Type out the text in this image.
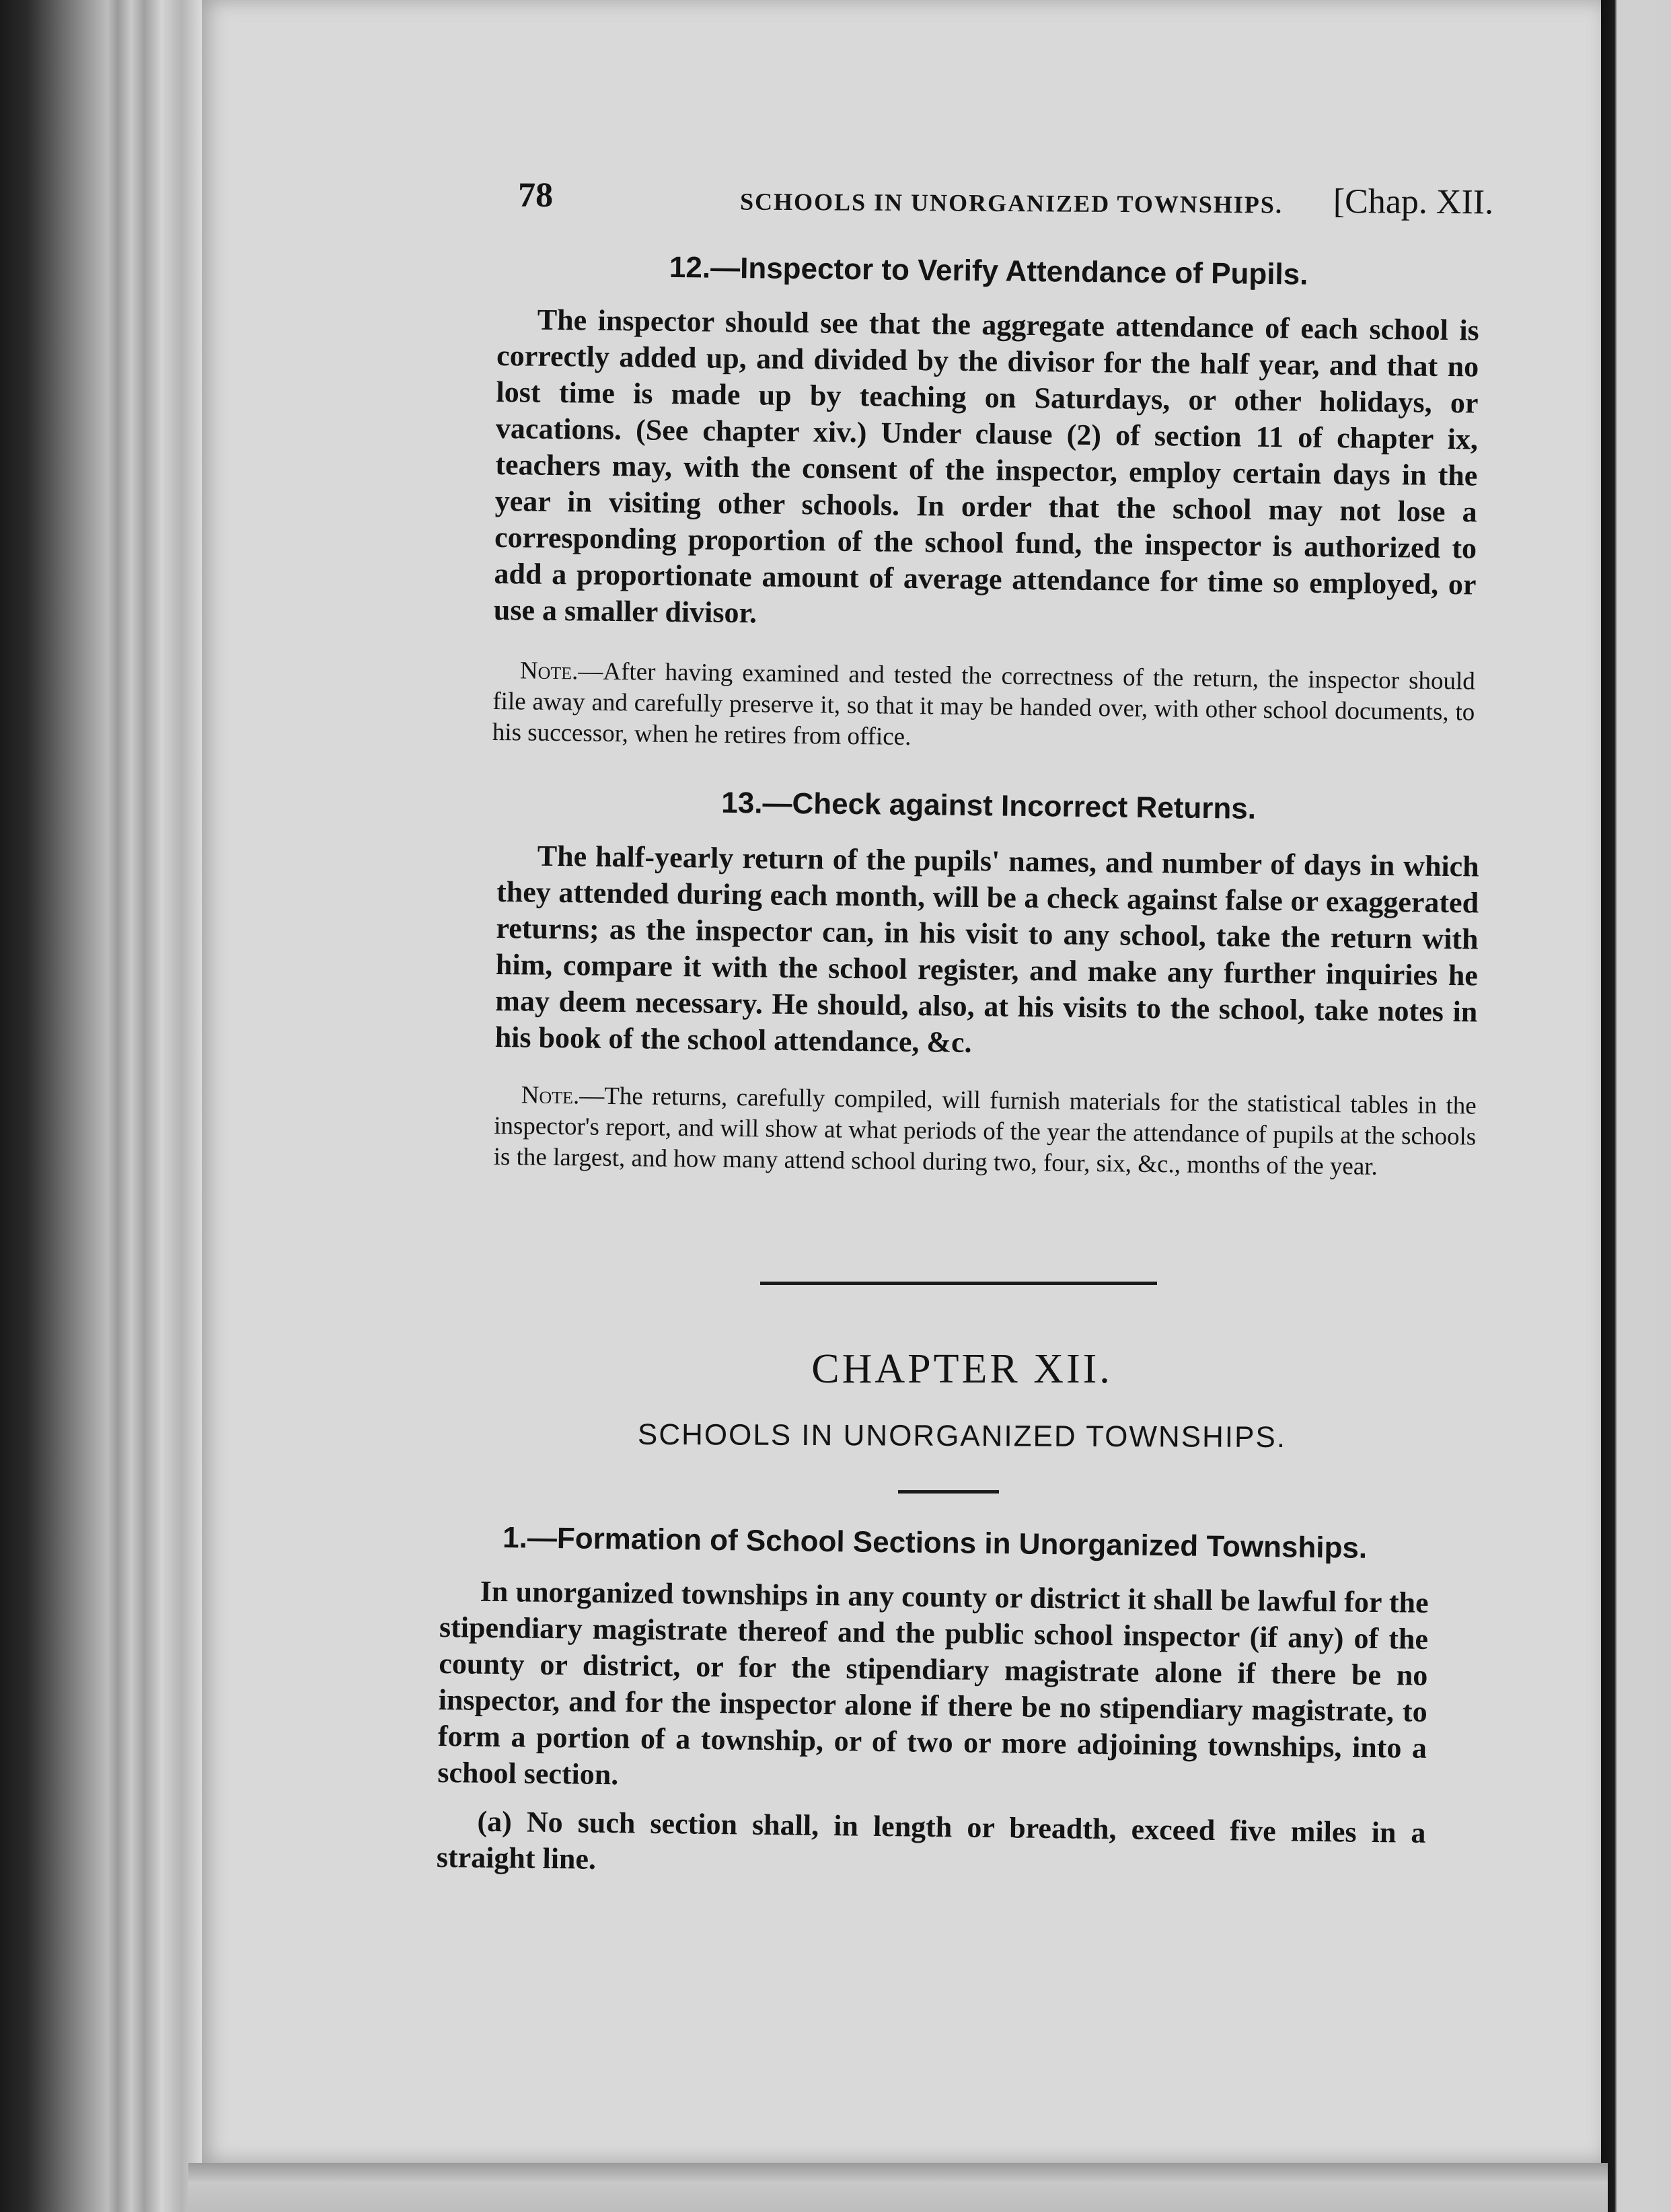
78	SCHOOLS IN UNORGANIZED TOWNSHIPS. [Chap. XII.

12.—Inspector to Verify Attendance of Pupils.

The inspector should see that the aggregate attendance of each school is correctly added up, and divided by the divisor for the half year, and that no lost time is made up by teaching on Saturdays, or other holidays, or vacations. (See chapter xiv.) Under clause (2) of section 11 of chapter ix, teachers may, with the consent of the inspector, employ certain days in the year in visiting other schools. In order that the school may not lose a corresponding proportion of the school fund, the inspector is authorized to add a proportionate amount of average attendance for time so employed, or use a smaller divisor.

Note.—After having examined and tested the correctness of the return, the inspector should file away and carefully preserve it, so that it may be handed over, with other school documents, to his successor, when he retires from office.

13.—Check against Incorrect Returns.

The half-yearly return of the pupils' names, and number of days in which they attended during each month, will be a check against false or exaggerated returns; as the inspector can, in his visit to any school, take the return with him, compare it with the school register, and make any further inquiries he may deem necessary. He should, also, at his visits to the school, take notes in his book of the school attendance, &c.

Note.—The returns, carefully compiled, will furnish materials for the statistical tables in the inspector's report, and will show at what periods of the year the attendance of pupils at the schools is the largest, and how many attend school during two, four, six, &c., months of the year.

CHAPTER XII.
SCHOOLS IN UNORGANIZED TOWNSHIPS.

1.—Formation of School Sections in Unorganized Townships.

In unorganized townships in any county or district it shall be lawful for the stipendiary magistrate thereof and the public school inspector (if any) of the county or district, or for the stipendiary magistrate alone if there be no inspector, and for the inspector alone if there be no stipendiary magistrate, to form a portion of a township, or of two or more adjoining townships, into a school section.

(a) No such section shall, in length or breadth, exceed five miles in a straight line.
